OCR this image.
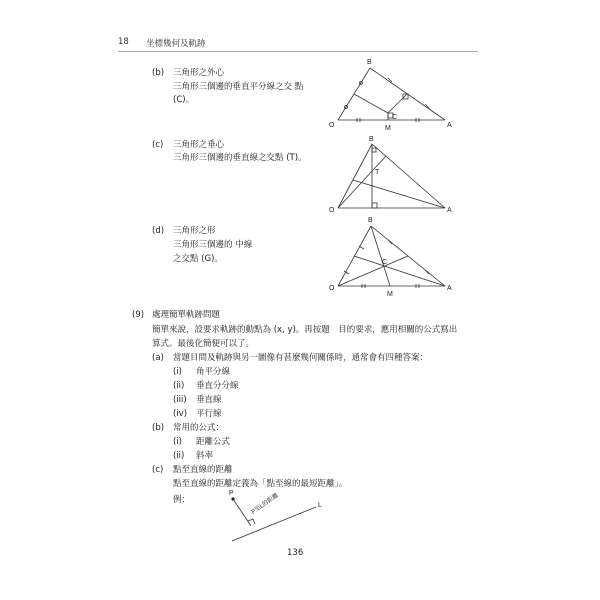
18 坐標幾何及軌跡
(b) 三角形之外心
三角形三個邊的垂直平分線之交 點
(C)。
O	A
B
M
C
(c) 三角形之垂心
三角形三個邊的垂直線之交點 (T)。
O	A
B
T
(d) 三角形之形
三角形三個邊的 中線
之交點 (G)。
O	A
B
M
C
(9) 處理簡單軌跡問題
簡單來說，設要求軌跡的動點為 (x, y)。再按題　目的要求，應用相關的公式寫出
算式。最後化簡便可以了。
(a) 當題目問及軌跡與另一圖像有甚麼幾何關係時，通常會有四種答案：
(i) 角平分線
(ii) 垂直分分線
(iii) 垂直線
(iv) 平行線
(b) 常用的公式：
(i) 距離公式
(ii) 斜率
(c) 點至直線的距離
點至直線的距離定義為「點至線的最短距離」。
例：
P
L
P至L的距離
136
